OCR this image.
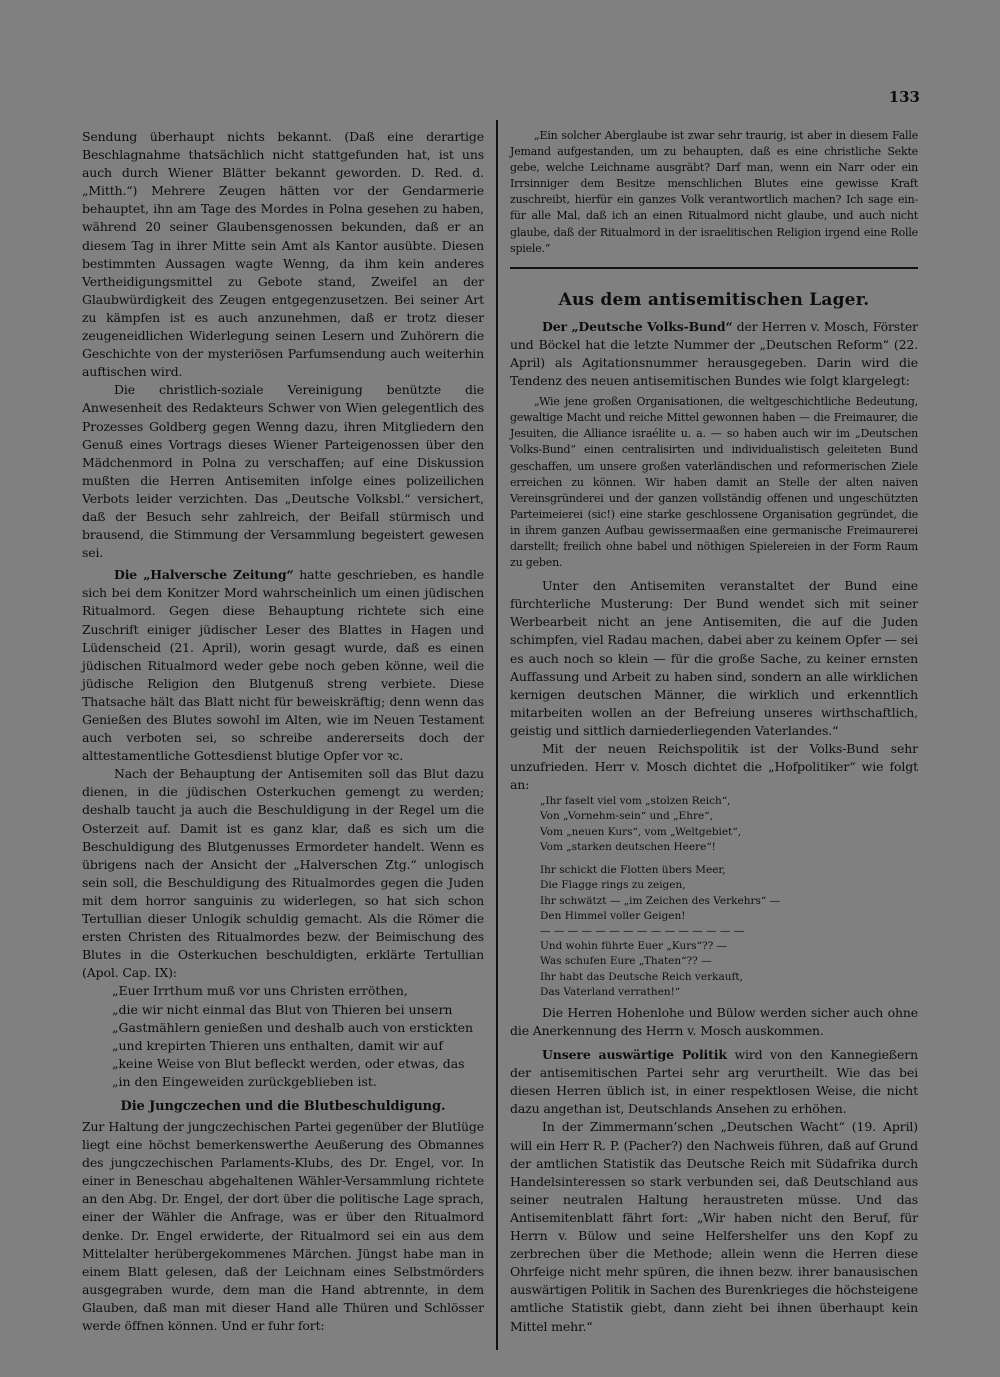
133

Sendung überhaupt nichts bekannt. (Daß eine derartige Beschlagnahme thatsächlich nicht stattgefunden hat, ist uns auch durch Wiener Blätter bekannt geworden. D. Red. d. „Mitth.“) Mehrere Zeugen hätten vor der Gendarmerie behauptet, ihn am Tage des Mordes in Polna gesehen zu haben, während 20 seiner Glaubensgenossen bekunden, daß er an diesem Tag in ihrer Mitte sein Amt als Kantor ausübte. Diesen bestimmten Aussagen wagte Wenng, da ihm kein anderes Vertheidigungsmittel zu Gebote stand, Zweifel an der Glaubwürdigkeit des Zeugen entgegenzusetzen. Bei seiner Art zu kämpfen ist es auch anzunehmen, daß er trotz dieser zeugeneidlichen Widerlegung seinen Lesern und Zuhörern die Geschichte von der mysteriösen Parfumsendung auch weiterhin auftischen wird.

Die christlich-soziale Vereinigung benützte die Anwesenheit des Redakteurs Schwer von Wien gelegentlich des Prozesses Goldberg gegen Wenng dazu, ihren Mitgliedern den Genuß eines Vortrags dieses Wiener Parteigenossen über den Mädchenmord in Polna zu verschaffen; auf eine Diskussion mußten die Herren Antisemiten infolge eines polizeilichen Verbots leider verzichten. Das „Deutsche Volksbl.“ versichert, daß der Besuch sehr zahlreich, der Beifall stürmisch und brausend, die Stimmung der Versammlung begeistert gewesen sei.

Die „Halversche Zeitung“ hatte geschrieben, es handle sich bei dem Konitzer Mord wahrscheinlich um einen jüdischen Ritualmord. Gegen diese Behauptung richtete sich eine Zuschrift einiger jüdischer Leser des Blattes in Hagen und Lüdenscheid (21. April), worin gesagt wurde, daß es einen jüdischen Ritualmord weder gebe noch geben könne, weil die jüdische Religion den Blutgenuß streng verbiete. Diese Thatsache hält das Blatt nicht für beweiskräftig; denn wenn das Genießen des Blutes sowohl im Alten, wie im Neuen Testament auch verboten sei, so schreibe andererseits doch der alttestamentliche Gottesdienst blutige Opfer vor ꝛc.

Nach der Behauptung der Antisemiten soll das Blut dazu dienen, in die jüdischen Osterkuchen gemengt zu werden; deshalb taucht ja auch die Beschuldigung in der Regel um die Osterzeit auf. Damit ist es ganz klar, daß es sich um die Beschuldigung des Blutgenusses Ermordeter handelt. Wenn es übrigens nach der Ansicht der „Halverschen Ztg.“ unlogisch sein soll, die Beschuldigung des Ritualmordes gegen die Juden mit dem horror sanguinis zu widerlegen, so hat sich schon Tertullian dieser Unlogik schuldig gemacht. Als die Römer die ersten Christen des Ritualmordes bezw. der Beimischung des Blutes in die Osterkuchen beschuldigten, erklärte Tertullian (Apol. Cap. IX):

„Euer Irrthum muß vor uns Christen erröthen,
„die wir nicht einmal das Blut von Thieren bei unsern
„Gastmählern genießen und deshalb auch von erstickten
„und krepirten Thieren uns enthalten, damit wir auf
„keine Weise von Blut befleckt werden, oder etwas, das
„in den Eingeweiden zurückgeblieben ist.
Die Jungczechen und die Blutbeschuldigung.

Zur Haltung der jungczechischen Partei gegenüber der Blutlüge liegt eine höchst bemerkenswerthe Aeußerung des Obmannes des jungczechischen Parlaments-Klubs, des Dr. Engel, vor. In einer in Beneschau abgehaltenen Wähler-Versammlung richtete an den Abg. Dr. Engel, der dort über die politische Lage sprach, einer der Wähler die Anfrage, was er über den Ritualmord denke. Dr. Engel erwiderte, der Ritualmord sei ein aus dem Mittelalter herübergekommenes Märchen. Jüngst habe man in einem Blatt gelesen, daß der Leichnam eines Selbstmörders ausgegraben wurde, dem man die Hand abtrennte, in dem Glauben, daß man mit dieser Hand alle Thüren und Schlösser werde öffnen können. Und er fuhr fort:

„Ein solcher Aberglaube ist zwar sehr traurig, ist aber in diesem Falle Jemand aufgestanden, um zu behaupten, daß es eine christliche Sekte gebe, welche Leichname ausgräbt? Darf man, wenn ein Narr oder ein Irrsinniger dem Besitze menschlichen Blutes eine gewisse Kraft zuschreibt, hierfür ein ganzes Volk verantwortlich machen? Ich sage ein- für alle Mal, daß ich an einen Ritualmord nicht glaube, und auch nicht glaube, daß der Ritualmord in der israelitischen Religion irgend eine Rolle spiele.“

Aus dem antisemitischen Lager.

Der „Deutsche Volks-Bund“ der Herren v. Mosch, Förster und Böckel hat die letzte Nummer der „Deutschen Reform“ (22. April) als Agitationsnummer herausgegeben. Darin wird die Tendenz des neuen antisemitischen Bundes wie folgt klargelegt:

„Wie jene großen Organisationen, die weltgeschichtliche Bedeutung, gewaltige Macht und reiche Mittel gewonnen haben — die Freimaurer, die Jesuiten, die Alliance israélite u. a. — so haben auch wir im „Deutschen Volks-Bund“ einen centralisirten und individualistisch geleiteten Bund geschaffen, um unsere großen vaterländischen und reformerischen Ziele erreichen zu können. Wir haben damit an Stelle der alten naiven Vereinsgründerei und der ganzen vollständig offenen und ungeschützten Parteimeierei (sic!) eine starke geschlossene Organisation gegründet, die in ihrem ganzen Aufbau gewissermaaßen eine germanische Freimaurerei darstellt; freilich ohne babel und nöthigen Spielereien in der Form Raum zu geben.

Unter den Antisemiten veranstaltet der Bund eine fürchterliche Musterung: Der Bund wendet sich mit seiner Werbearbeit nicht an jene Antisemiten, die auf die Juden schimpfen, viel Radau machen, dabei aber zu keinem Opfer — sei es auch noch so klein — für die große Sache, zu keiner ernsten Auffassung und Arbeit zu haben sind, sondern an alle wirklichen kernigen deutschen Männer, die wirklich und erkenntlich mitarbeiten wollen an der Befreiung unseres wirthschaftlich, geistig und sittlich darniederliegenden Vaterlandes.“

Mit der neuen Reichspolitik ist der Volks-Bund sehr unzufrieden. Herr v. Mosch dichtet die „Hofpolitiker“ wie folgt an:

„Ihr faselt viel vom „stolzen Reich“,
Von „Vornehm-sein“ und „Ehre“,
Vom „neuen Kurs“, vom „Weltgebiet“,
Vom „starken deutschen Heere“!
Ihr schickt die Flotten übers Meer,
Die Flagge rings zu zeigen,
Ihr schwätzt — „im Zeichen des Verkehrs“ —
Den Himmel voller Geigen!
— — — — — — — — — — — — — — —
Und wohin führte Euer „Kurs“?? —
Was schufen Eure „Thaten“?? —
Ihr habt das Deutsche Reich verkauft,
Das Vaterland verrathen!“

Die Herren Hohenlohe und Bülow werden sicher auch ohne die Anerkennung des Herrn v. Mosch auskommen.

Unsere auswärtige Politik wird von den Kannegießern der antisemitischen Partei sehr arg verurtheilt. Wie das bei diesen Herren üblich ist, in einer respektlosen Weise, die nicht dazu angethan ist, Deutschlands Ansehen zu erhöhen.

In der Zimmermann’schen „Deutschen Wacht“ (19. April) will ein Herr R. P. (Pacher?) den Nachweis führen, daß auf Grund der amtlichen Statistik das Deutsche Reich mit Südafrika durch Handelsinteressen so stark verbunden sei, daß Deutschland aus seiner neutralen Haltung heraustreten müsse. Und das Antisemitenblatt fährt fort: „Wir haben nicht den Beruf, für Herrn v. Bülow und seine Helfershelfer uns den Kopf zu zerbrechen über die Methode; allein wenn die Herren diese Ohrfeige nicht mehr spüren, die ihnen bezw. ihrer banausischen auswärtigen Politik in Sachen des Burenkrieges die höchsteigene amtliche Statistik giebt, dann zieht bei ihnen überhaupt kein Mittel mehr.“
